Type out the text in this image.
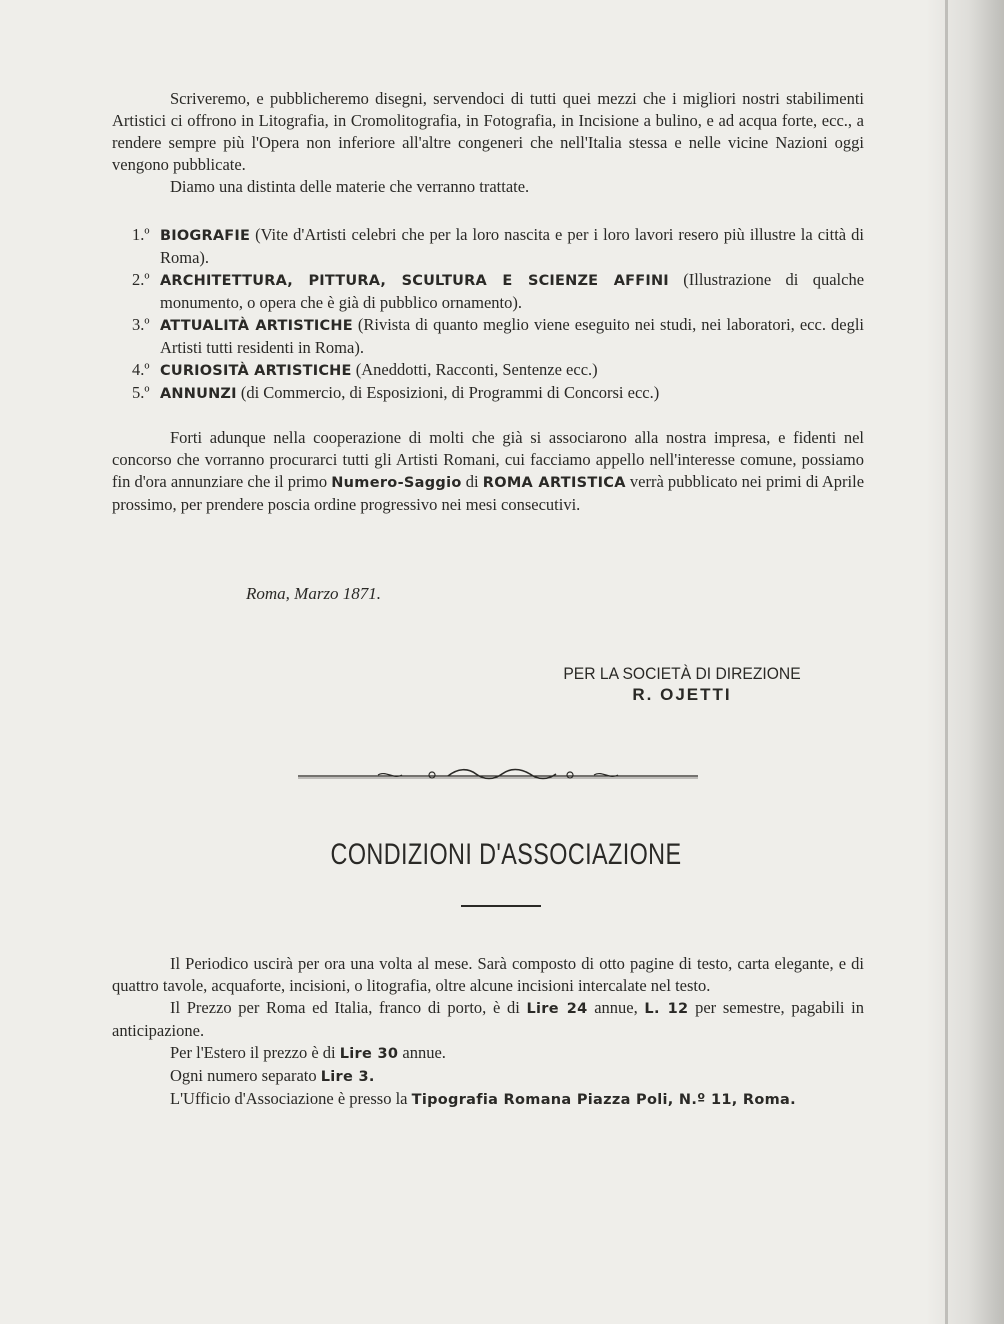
Scriveremo, e pubblicheremo disegni, servendoci di tutti quei mezzi che i migliori nostri stabilimenti Artistici ci offrono in Litografia, in Cromolitografia, in Fotografia, in Incisione a bulino, e ad acqua forte, ecc., a rendere sempre più l'Opera non inferiore all'altre congeneri che nell'Italia stessa e nelle vicine Nazioni oggi vengono pubblicate.

Diamo una distinta delle materie che verranno trattate.

1.º BIOGRAFIE (Vite d'Artisti celebri che per la loro nascita e per i loro lavori resero più illustre la città di Roma).
2.º ARCHITETTURA, PITTURA, SCULTURA E SCIENZE AFFINI (Illustrazione di qualche monumento, o opera che è già di pubblico ornamento).
3.º ATTUALITÀ ARTISTICHE (Rivista di quanto meglio viene eseguito nei studi, nei laboratori, ecc. degli Artisti tutti residenti in Roma).
4.º CURIOSITÀ ARTISTICHE (Aneddotti, Racconti, Sentenze ecc.)
5.º ANNUNZI (di Commercio, di Esposizioni, di Programmi di Concorsi ecc.)

Forti adunque nella cooperazione di molti che già si associarono alla nostra impresa, e fidenti nel concorso che vorranno procurarci tutti gli Artisti Romani, cui facciamo appello nell'interesse comune, possiamo fin d'ora annunziare che il primo Numero-Saggio di ROMA ARTISTICA verrà pubblicato nei primi di Aprile prossimo, per prendere poscia ordine progressivo nei mesi consecutivi.

Roma, Marzo 1871.
PER LA SOCIETÀ DI DIREZIONE
R. OJETTI
CONDIZIONI D'ASSOCIAZIONE

Il Periodico uscirà per ora una volta al mese. Sarà composto di otto pagine di testo, carta elegante, e di quattro tavole, acquaforte, incisioni, o litografia, oltre alcune incisioni intercalate nel testo.

Il Prezzo per Roma ed Italia, franco di porto, è di Lire 24 annue, L. 12 per semestre, pagabili in anticipazione.

Per l'Estero il prezzo è di Lire 30 annue.

Ogni numero separato Lire 3.

L'Ufficio d'Associazione è presso la Tipografia Romana Piazza Poli, N.º 11, Roma.
